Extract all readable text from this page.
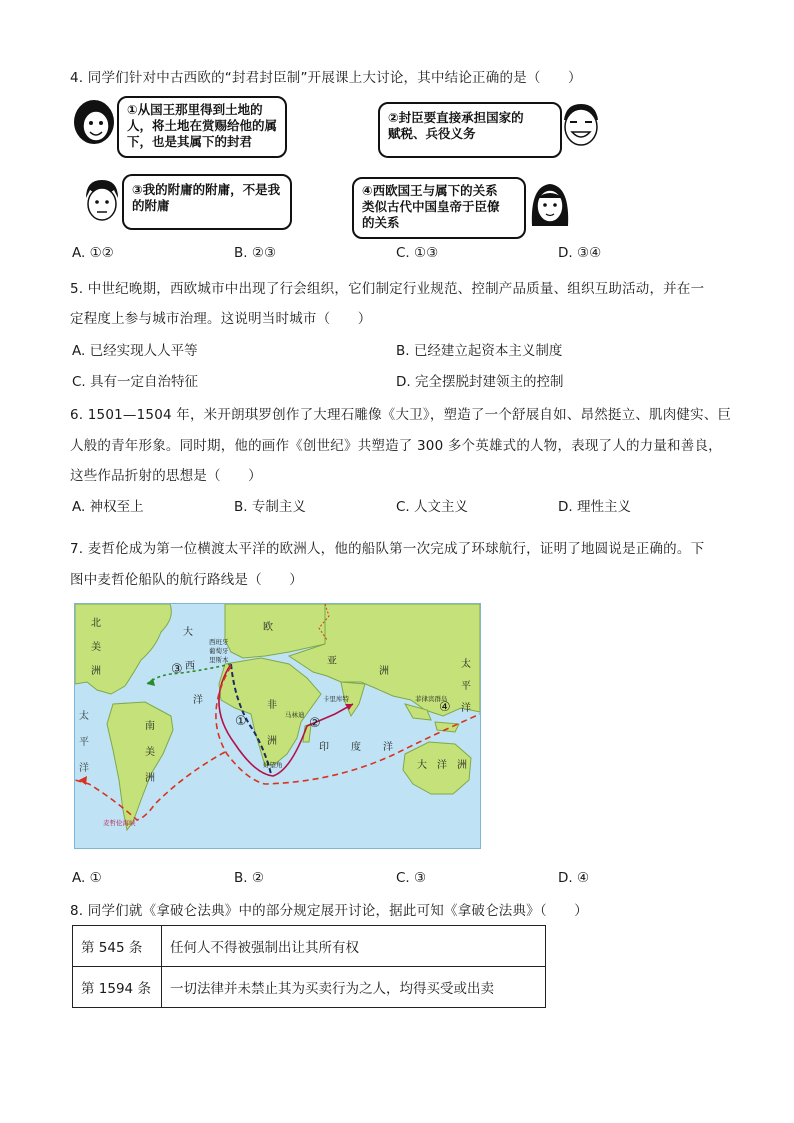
4. 同学们针对中古西欧的“封君封臣制”开展课上大讨论，其中结论正确的是（　　）
①从国王那里得到土地的
人，将土地在赏赐给他的属
下，也是其属下的封君
②封臣要直接承担国家的
赋税、兵役义务
③我的附庸的附庸，不是我
的附庸
④西欧国王与属下的关系
类似古代中国皇帝于臣僚
的关系
A. ①②	B. ②③	C. ①③	D. ③④
5. 中世纪晚期，西欧城市中出现了行会组织，它们制定行业规范、控制产品质量、组织互助活动，并在一
定程度上参与城市治理。这说明当时城市（　　）
A. 已经实现人人平等	B. 已经建立起资本主义制度
C. 具有一定自治特征	D. 完全摆脱封建领主的控制
6. 1501—1504 年，米开朗琪罗创作了大理石雕像《大卫》，塑造了一个舒展自如、昂然挺立、肌肉健实、巨
人般的青年形象。同时期，他的画作《创世纪》共塑造了 300 多个英雄式的人物，表现了人的力量和善良，
这些作品折射的思想是（　　）
A. 神权至上	B. 专制主义	C. 人文主义	D. 理性主义
7. 麦哲伦成为第一位横渡太平洋的欧洲人，他的船队第一次完成了环球航行，证明了地圆说是正确的。下
图中麦哲伦船队的航行路线是（　　）
北
美
洲
太
平
洋
大
西
洋
南
美
洲
欧
亚
洲
非
洲
印度洋
太
平
洋
大洋洲
西班牙
葡萄牙
里斯本
卡里库特	菲律宾群岛
马林迪
好望角
麦哲伦海峡
①	②
③
④
A. ①	B. ②	C. ③	D. ④
8. 同学们就《拿破仑法典》中的部分规定展开讨论，据此可知《拿破仑法典》（　　）
第 545 条	任何人不得被强制出让其所有权
第 1594 条	一切法律并未禁止其为买卖行为之人，均得买受或出卖
